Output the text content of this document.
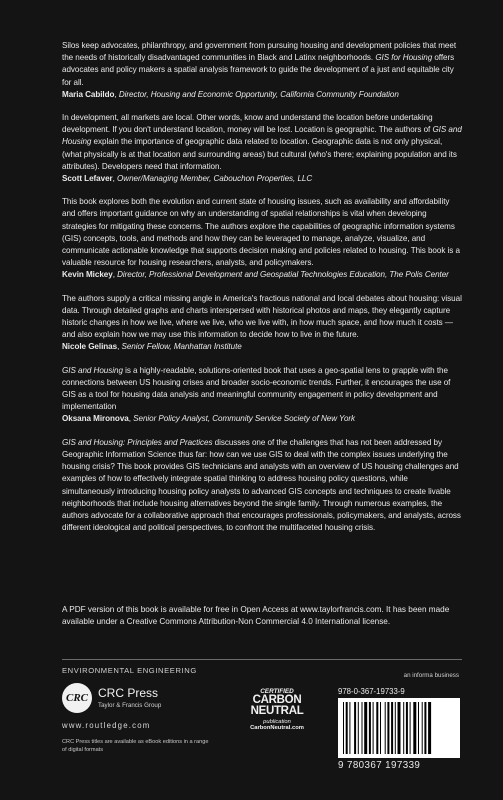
Silos keep advocates, philanthropy, and government from pursuing housing and development policies that meet the needs of historically disadvantaged communities in Black and Latinx neighborhoods. GIS for Housing offers advocates and policy makers a spatial analysis framework to guide the development of a just and equitable city for all.

Maria Cabildo, Director, Housing and Economic Opportunity, California Community Foundation

In development, all markets are local. Other words, know and understand the location before undertaking development. If you don't understand location, money will be lost. Location is geographic. The authors of GIS and Housing explain the importance of geographic data related to location. Geographic data is not only physical, (what physically is at that location and surrounding areas) but cultural (who's there; explaining population and its attributes). Developers need that information.

Scott Lefaver, Owner/Managing Member, Cabouchon Properties, LLC

This book explores both the evolution and current state of housing issues, such as availability and affordability and offers important guidance on why an understanding of spatial relationships is vital when developing strategies for mitigating these concerns. The authors explore the capabilities of geographic information systems (GIS) concepts, tools, and methods and how they can be leveraged to manage, analyze, visualize, and communicate actionable knowledge that supports decision making and policies related to housing. This book is a valuable resource for housing researchers, analysts, and policymakers.

Kevin Mickey, Director, Professional Development and Geospatial Technologies Education, The Polis Center

The authors supply a critical missing angle in America's fractious national and local debates about housing: visual data. Through detailed graphs and charts interspersed with historical photos and maps, they elegantly capture historic changes in how we live, where we live, who we live with, in how much space, and how much it costs — and also explain how we may use this information to decide how to live in the future.

Nicole Gelinas, Senior Fellow, Manhattan Institute

GIS and Housing is a highly-readable, solutions-oriented book that uses a geo-spatial lens to grapple with the connections between US housing crises and broader socio-economic trends. Further, it encourages the use of GIS as a tool for housing data analysis and meaningful community engagement in policy development and implementation

Oksana Mironova, Senior Policy Analyst, Community Service Society of New York

GIS and Housing: Principles and Practices discusses one of the challenges that has not been addressed by Geographic Information Science thus far: how can we use GIS to deal with the complex issues underlying the housing crisis? This book provides GIS technicians and analysts with an overview of US housing challenges and examples of how to effectively integrate spatial thinking to address housing policy questions, while simultaneously introducing housing policy analysts to advanced GIS concepts and techniques to create livable neighborhoods that include housing alternatives beyond the single family. Through numerous examples, the authors advocate for a collaborative approach that encourages professionals, policymakers, and analysts, across different ideological and political perspectives, to confront the multifaceted housing crisis.

A PDF version of this book is available for free in Open Access at www.taylorfrancis.com. It has been made available under a Creative Commons Attribution-Non Commercial 4.0 International license.

ENVIRONMENTAL ENGINEERING
an informa business
CRC CRC Press
Taylor & Francis Group
www.routledge.com

CRC Press titles are available as eBook editions in a range of digital formats

CERTIFIED
CARBON
NEUTRAL
publication
CarbonNeutral.com
978-0-367-19733-9
9 780367 197339
